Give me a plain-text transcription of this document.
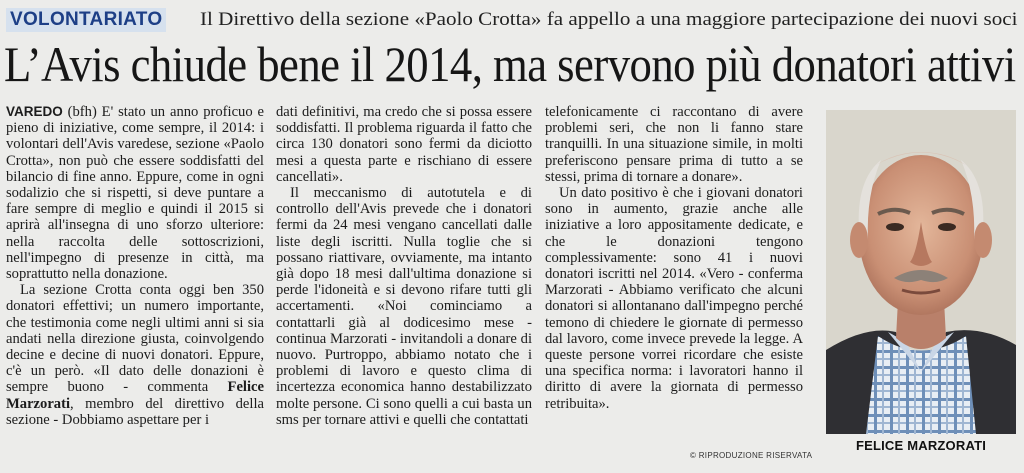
VOLONTARIATO Il Direttivo della sezione «Paolo Crotta» fa appello a una maggiore partecipazione dei nuovi soci
L’Avis chiude bene il 2014, ma servono più donatori attivi

VAREDO (bfh) E' stato un anno proficuo e pieno di iniziative, come sempre, il 2014: i volontari dell'Avis varedese, sezione «Paolo Crotta», non può che essere soddisfatti del bilancio di fine anno. Eppure, come in ogni sodalizio che si rispetti, si deve puntare a fare sempre di meglio e quindi il 2015 si aprirà all'insegna di uno sforzo ulteriore: nella raccolta delle sottoscrizioni, nell'impegno di presenze in città, ma soprattutto nella donazione.

La sezione Crotta conta oggi ben 350 donatori effettivi; un numero importante, che testimonia come negli ultimi anni si sia andati nella direzione giusta, coinvolgendo decine e decine di nuovi donatori. Eppure, c'è un però. «Il dato delle donazioni è sempre buono - commenta Felice Marzorati, membro del direttivo della sezione - Dobbiamo aspettare per i

dati definitivi, ma credo che si possa essere soddisfatti. Il problema riguarda il fatto che circa 130 donatori sono fermi da diciotto mesi a questa parte e rischiano di essere cancellati».

Il meccanismo di autotutela e di controllo dell'Avis prevede che i donatori fermi da 24 mesi vengano cancellati dalle liste degli iscritti. Nulla toglie che si possano riattivare, ovviamente, ma intanto già dopo 18 mesi dall'ultima donazione si perde l'idoneità e si devono rifare tutti gli accertamenti. «Noi cominciamo a contattarli già al dodicesimo mese - continua Marzorati - invitandoli a donare di nuovo. Purtroppo, abbiamo notato che i problemi di lavoro e questo clima di incertezza economica hanno destabilizzato molte persone. Ci sono quelli a cui basta un sms per tornare attivi e quelli che contattati

telefonicamente ci raccontano di avere problemi seri, che non li fanno stare tranquilli. In una situazione simile, in molti preferiscono pensare prima di tutto a se stessi, prima di tornare a donare».

Un dato positivo è che i giovani donatori sono in aumento, grazie anche alle iniziative a loro appositamente dedicate, e che le donazioni tengono complessivamente: sono 41 i nuovi donatori iscritti nel 2014. «Vero - conferma Marzorati - Abbiamo verificato che alcuni donatori si allontanano dall'impegno perché temono di chiedere le giornate di permesso dal lavoro, come invece prevede la legge. A queste persone vorrei ricordare che esiste una specifica norma: i lavoratori hanno il diritto di avere la giornata di permesso retribuita».

FELICE MARZORATI
© RIPRODUZIONE RISERVATA
